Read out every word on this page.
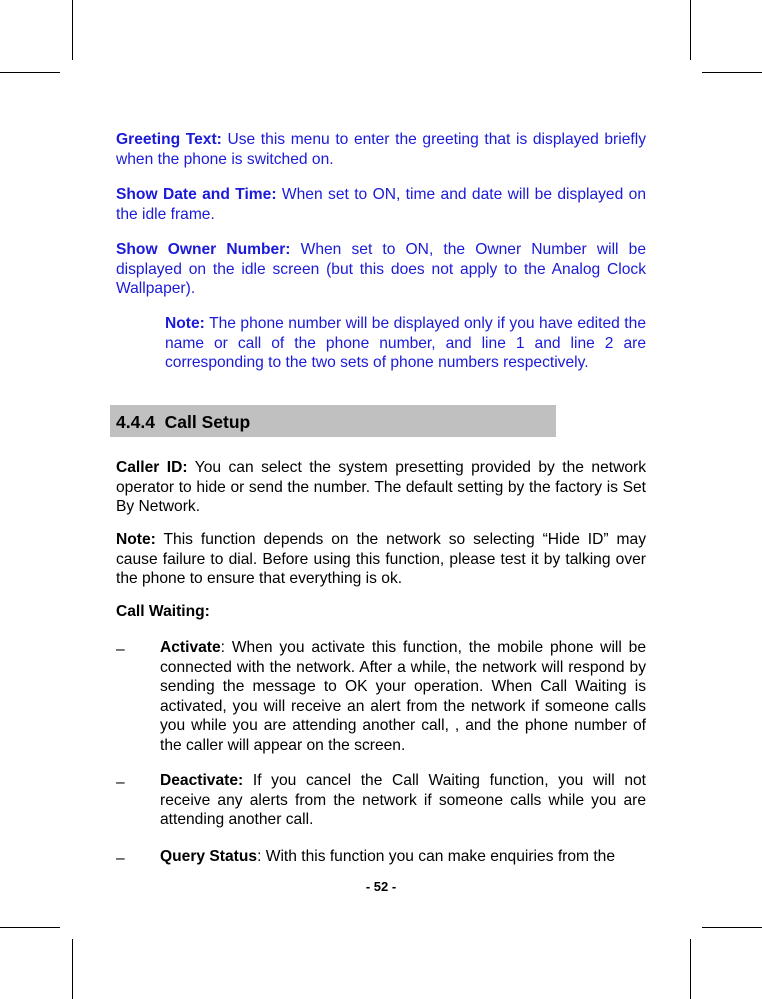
Greeting Text: Use this menu to enter the greeting that is displayed briefly when the phone is switched on.

Show Date and Time: When set to ON, time and date will be displayed on the idle frame.

Show Owner Number: When set to ON, the Owner Number will be displayed on the idle screen (but this does not apply to the Analog Clock Wallpaper).

Note: The phone number will be displayed only if you have edited the name or call of the phone number, and line 1 and line 2 are corresponding to the two sets of phone numbers respectively.

4.4.4 Call Setup

Caller ID: You can select the system presetting provided by the network operator to hide or send the number. The default setting by the factory is Set By Network.

Note: This function depends on the network so selecting “Hide ID” may cause failure to dial. Before using this function, please test it by talking over the phone to ensure that everything is ok.

Call Waiting:

– Activate: When you activate this function, the mobile phone will be connected with the network. After a while, the network will respond by sending the message to OK your operation. When Call Waiting is activated, you will receive an alert from the network if someone calls you while you are attending another call, , and the phone number of the caller will appear on the screen.

– Deactivate: If you cancel the Call Waiting function, you will not receive any alerts from the network if someone calls while you are attending another call.

– Query Status: With this function you can make enquiries from the

- 52 -
